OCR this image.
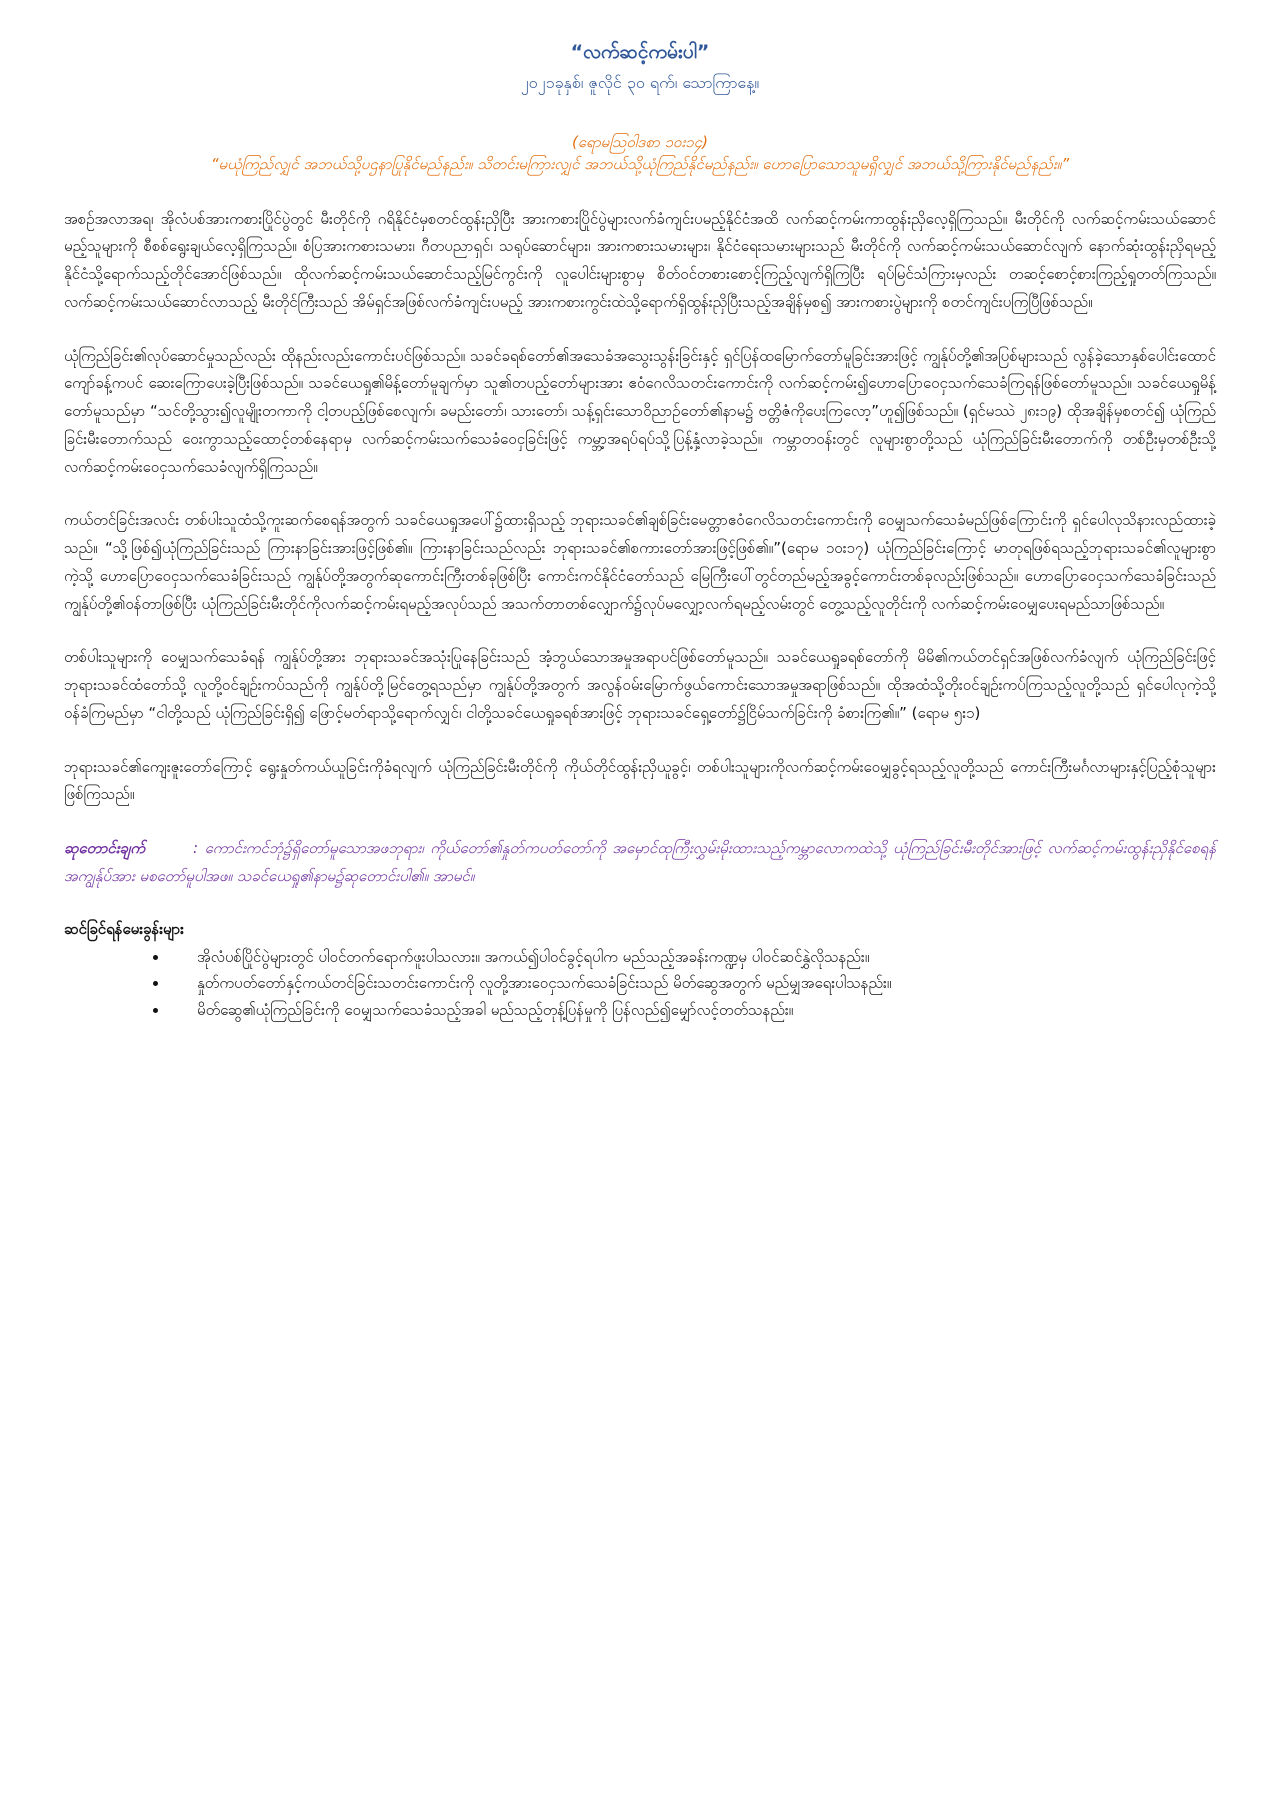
“လက်ဆင့်ကမ်းပါ”
၂၀၂၁ခုနှစ်၊ ဇူလိုင် ၃၀ ရက်၊ သောကြာနေ့။

(ရောမဩဝါဒစာ ၁၀း၁၄)

“မယုံကြည်လျှင် အဘယ်သို့ပဌနာပြုနိုင်မည်နည်း။ သိတင်းမကြားလျှင် အဘယ်သို့ယုံကြည်နိုင်မည်နည်း။ ဟောပြောသောသူမရှိလျှင် အဘယ်သို့ကြားနိုင်မည်နည်း။”

အစဉ်အလာအရ၊ အိုလံပစ်အားကစားပြိုင်ပွဲတွင် မီးတိုင်ကို ဂရိနိုင်ငံမှစတင်ထွန်းညှိပြီး အားကစားပြိုင်ပွဲများလက်ခံကျင်းပမည့်နိုင်ငံအထိ လက်ဆင့်ကမ်းကာထွန်းညှိလေ့ရှိကြသည်။ မီးတိုင်ကို လက်ဆင့်ကမ်းသယ်ဆောင်မည့်သူများကို စီစစ်ရွေးချယ်လေ့ရှိကြသည်။ စံပြအားကစားသမား၊ ဂီတပညာရှင်၊ သရုပ်ဆောင်များ၊ အားကစားသမားများ၊ နိုင်ငံရေးသမားများသည် မီးတိုင်ကို လက်ဆင့်ကမ်းသယ်ဆောင်လျက် နောက်ဆုံးထွန်းညှိရမည့်နိုင်ငံသို့ရောက်သည့်တိုင်အောင်ဖြစ်သည်။ ထိုလက်ဆင့်ကမ်းသယ်ဆောင်သည့်မြင်ကွင်းကို လူပေါင်းများစွာမှ စိတ်ဝင်တစားစောင့်ကြည့်လျက်ရှိကြပြီး ရပ်မြင်သံကြားမှလည်း တဆင့်စောင့်စားကြည့်ရှုတတ်ကြသည်။ လက်ဆင့်ကမ်းသယ်ဆောင်လာသည့် မီးတိုင်ကြီးသည် အိမ်ရှင်အဖြစ်လက်ခံကျင်းပမည့် အားကစားကွင်းထဲသို့ရောက်ရှိထွန်းညှိပြီးသည့်အချိန်မှစ၍ အားကစားပွဲများကို စတင်ကျင်းပကြပြီဖြစ်သည်။

ယုံကြည်ခြင်း၏လုပ်ဆောင်မှုသည်လည်း ထိုနည်းလည်းကောင်းပင်ဖြစ်သည်။ သခင်ခရစ်တော်၏အသေခံအသွေးသွန်းခြင်းနှင့် ရှင်ပြန်ထမြောက်တော်မူခြင်းအားဖြင့် ကျွန်ုပ်တို့၏အပြစ်များသည် လွန်ခဲ့သောနှစ်ပေါင်းထောင်ကျော်ခန့်ကပင် ဆေးကြောပေးခဲ့ပြီးဖြစ်သည်။ သခင်ယေရှု၏မိန့်တော်မူချက်မှာ သူ၏တပည့်တော်များအား ဧဝံဂေလိသတင်းကောင်းကို လက်ဆင့်ကမ်း၍ဟောပြောဝေငှသက်သေခံကြရန်ဖြစ်တော်မူသည်။ သခင်ယေရှုမိန့်တော်မူသည်မှာ “သင်တို့သွား၍လူမျိုးတကာကို ငါ့တပည့်ဖြစ်စေလျက်၊ ခမည်းတော်၊ သားတော်၊ သန့်ရှင်းသောဝိညာဉ်တော်၏နာမ၌ ဗတ္တိဇံကိုပေးကြလော့”ဟူ၍ဖြစ်သည်။ (ရှင်မဿဲ ၂၈း၁၉) ထိုအချိန်မှစတင်၍ ယုံကြည်ခြင်းမီးတောက်သည် ဝေးကွာသည့်ထောင့်တစ်နေရာမှ လက်ဆင့်ကမ်းသက်သေခံဝေငှခြင်းဖြင့် ကမ္ဘာ့အရပ်ရပ်သို့ပြန့်နှံ့လာခဲ့သည်။ ကမ္ဘာတဝန်းတွင် လူများစွာတို့သည် ယုံကြည်ခြင်းမီးတောက်ကို တစ်ဦးမှတစ်ဦးသို့လက်ဆင့်ကမ်းဝေငှသက်သေခံလျက်ရှိကြသည်။

ကယ်တင်ခြင်းအလင်း တစ်ပါးသူထံသို့ကူးဆက်စေရန်အတွက် သခင်ယေရှုအပေါ်၌ထားရှိသည့် ဘုရားသခင်၏ချစ်ခြင်းမေတ္တာဧဝံဂေလိသတင်းကောင်းကို ဝေမျှသက်သေခံမည်ဖြစ်ကြောင်းကို ရှင်ပေါလုသိနားလည်ထားခဲ့သည်။ “သို့ဖြစ်၍ယုံကြည်ခြင်းသည် ကြားနာခြင်းအားဖြင့်ဖြစ်၏။ ကြားနာခြင်းသည်လည်း ဘုရားသခင်၏စကားတော်အားဖြင့်ဖြစ်၏။”(ရောမ ၁၀း၁၇) ယုံကြည်ခြင်းကြောင့် မာတုရဖြစ်ရသည့်ဘုရားသခင်၏လူများစွာကဲ့သို့ ဟောပြောဝေငှသက်သေခံခြင်းသည် ကျွန်ုပ်တို့အတွက်ဆုကောင်းကြီးတစ်ခုဖြစ်ပြီး ကောင်းကင်နိုင်ငံတော်သည် မြေကြီးပေါ်တွင်တည်မည့်အခွင့်ကောင်းတစ်ခုလည်းဖြစ်သည်။ ဟောပြောဝေငှသက်သေခံခြင်းသည် ကျွန်ုပ်တို့၏ဝန်တာဖြစ်ပြီး ယုံကြည်ခြင်းမီးတိုင်ကိုလက်ဆင့်ကမ်းရမည့်အလုပ်သည် အသက်တာတစ်လျှောက်၌လုပ်မလျှော့လက်ရမည့်လမ်းတွင် တွေ့သည့်လူတိုင်းကို လက်ဆင့်ကမ်းဝေမျှပေးရမည်သာဖြစ်သည်။

တစ်ပါးသူများကို ဝေမျှသက်သေခံရန် ကျွန်ုပ်တို့အား ဘုရားသခင်အသုံးပြုနေခြင်းသည် အံ့ဘွယ်သောအမှုအရာပင်ဖြစ်တော်မူသည်။ သခင်ယေရှုခရစ်တော်ကို မိမိ၏ကယ်တင်ရှင်အဖြစ်လက်ခံလျက် ယုံကြည်ခြင်းဖြင့် ဘုရားသခင်ထံတော်သို့ လူတို့ဝင်ချဉ်းကပ်သည်ကို ကျွန်ုပ်တို့မြင်တွေ့ရသည်မှာ ကျွန်ုပ်တို့အတွက် အလွန်ဝမ်းမြောက်ဖွယ်ကောင်းသောအမှုအရာဖြစ်သည်။ ထိုအထံသို့တိုးဝင်ချဉ်းကပ်ကြသည့်လူတို့သည် ရှင်ပေါလုကဲ့သို့ဝန်ခံကြမည်မှာ “ငါတို့သည် ယုံကြည်ခြင်းရှိ၍ ဖြောင့်မတ်ရာသို့ရောက်လျှင်၊ ငါတို့သခင်ယေရှုခရစ်အားဖြင့် ဘုရားသခင်ရှေ့တော်၌ငြိမ်သက်ခြင်းကို ခံစားကြ၏။” (ရောမ ၅း၁)

ဘုရားသခင်၏ကျေးဇူးတော်ကြောင့် ရွေးနှုတ်ကယ်ယူခြင်းကိုခံရလျက် ယုံကြည်ခြင်းမီးတိုင်ကို ကိုယ်တိုင်ထွန်းညှိယူခွင့်၊ တစ်ပါးသူများကိုလက်ဆင့်ကမ်းဝေမျှခွင့်ရသည့်လူတို့သည် ကောင်းကြီးမင်္ဂလာများနှင့်ပြည့်စုံသူများဖြစ်ကြသည်။

ဆုတောင်းချက်	: ကောင်းကင်ဘုံ၌ရှိတော်မူသောအဖဘုရား၊ ကိုယ်တော်၏နှုတ်ကပတ်တော်ကို အမှောင်ထုကြီးလွှမ်းမိုးထားသည့်ကမ္ဘာလောကထဲသို့ ယုံကြည်ခြင်းမီးတိုင်အားဖြင့် လက်ဆင့်ကမ်းထွန်းညှိနိုင်စေရန် အကျွန်ုပ်အား မစတော်မူပါအဖ။ သခင်ယေရှု၏နာမ၌ဆုတောင်းပါ၏။ အာမင်။

ဆင်ခြင်ရန်မေးခွန်းများ
• အိုလံပစ်ပြိုင်ပွဲများတွင် ပါဝင်တက်ရောက်ဖူးပါသလား။ အကယ်၍ပါဝင်ခွင့်ရပါက မည်သည့်အခန်းကဏ္ဍမှ ပါဝင်ဆင်နွှဲလိုသနည်း။
• နှုတ်ကပတ်တော်နှင့်ကယ်တင်ခြင်းသတင်းကောင်းကို လူတို့အားဝေငှသက်သေခံခြင်းသည် မိတ်ဆွေအတွက် မည်မျှအရေးပါသနည်း။
• မိတ်ဆွေ၏ယုံကြည်ခြင်းကို ဝေမျှသက်သေခံသည့်အခါ မည်သည့်တုန့်ပြန်မှုကို ပြန်လည်၍မျှော်လင့်တတ်သနည်း။
